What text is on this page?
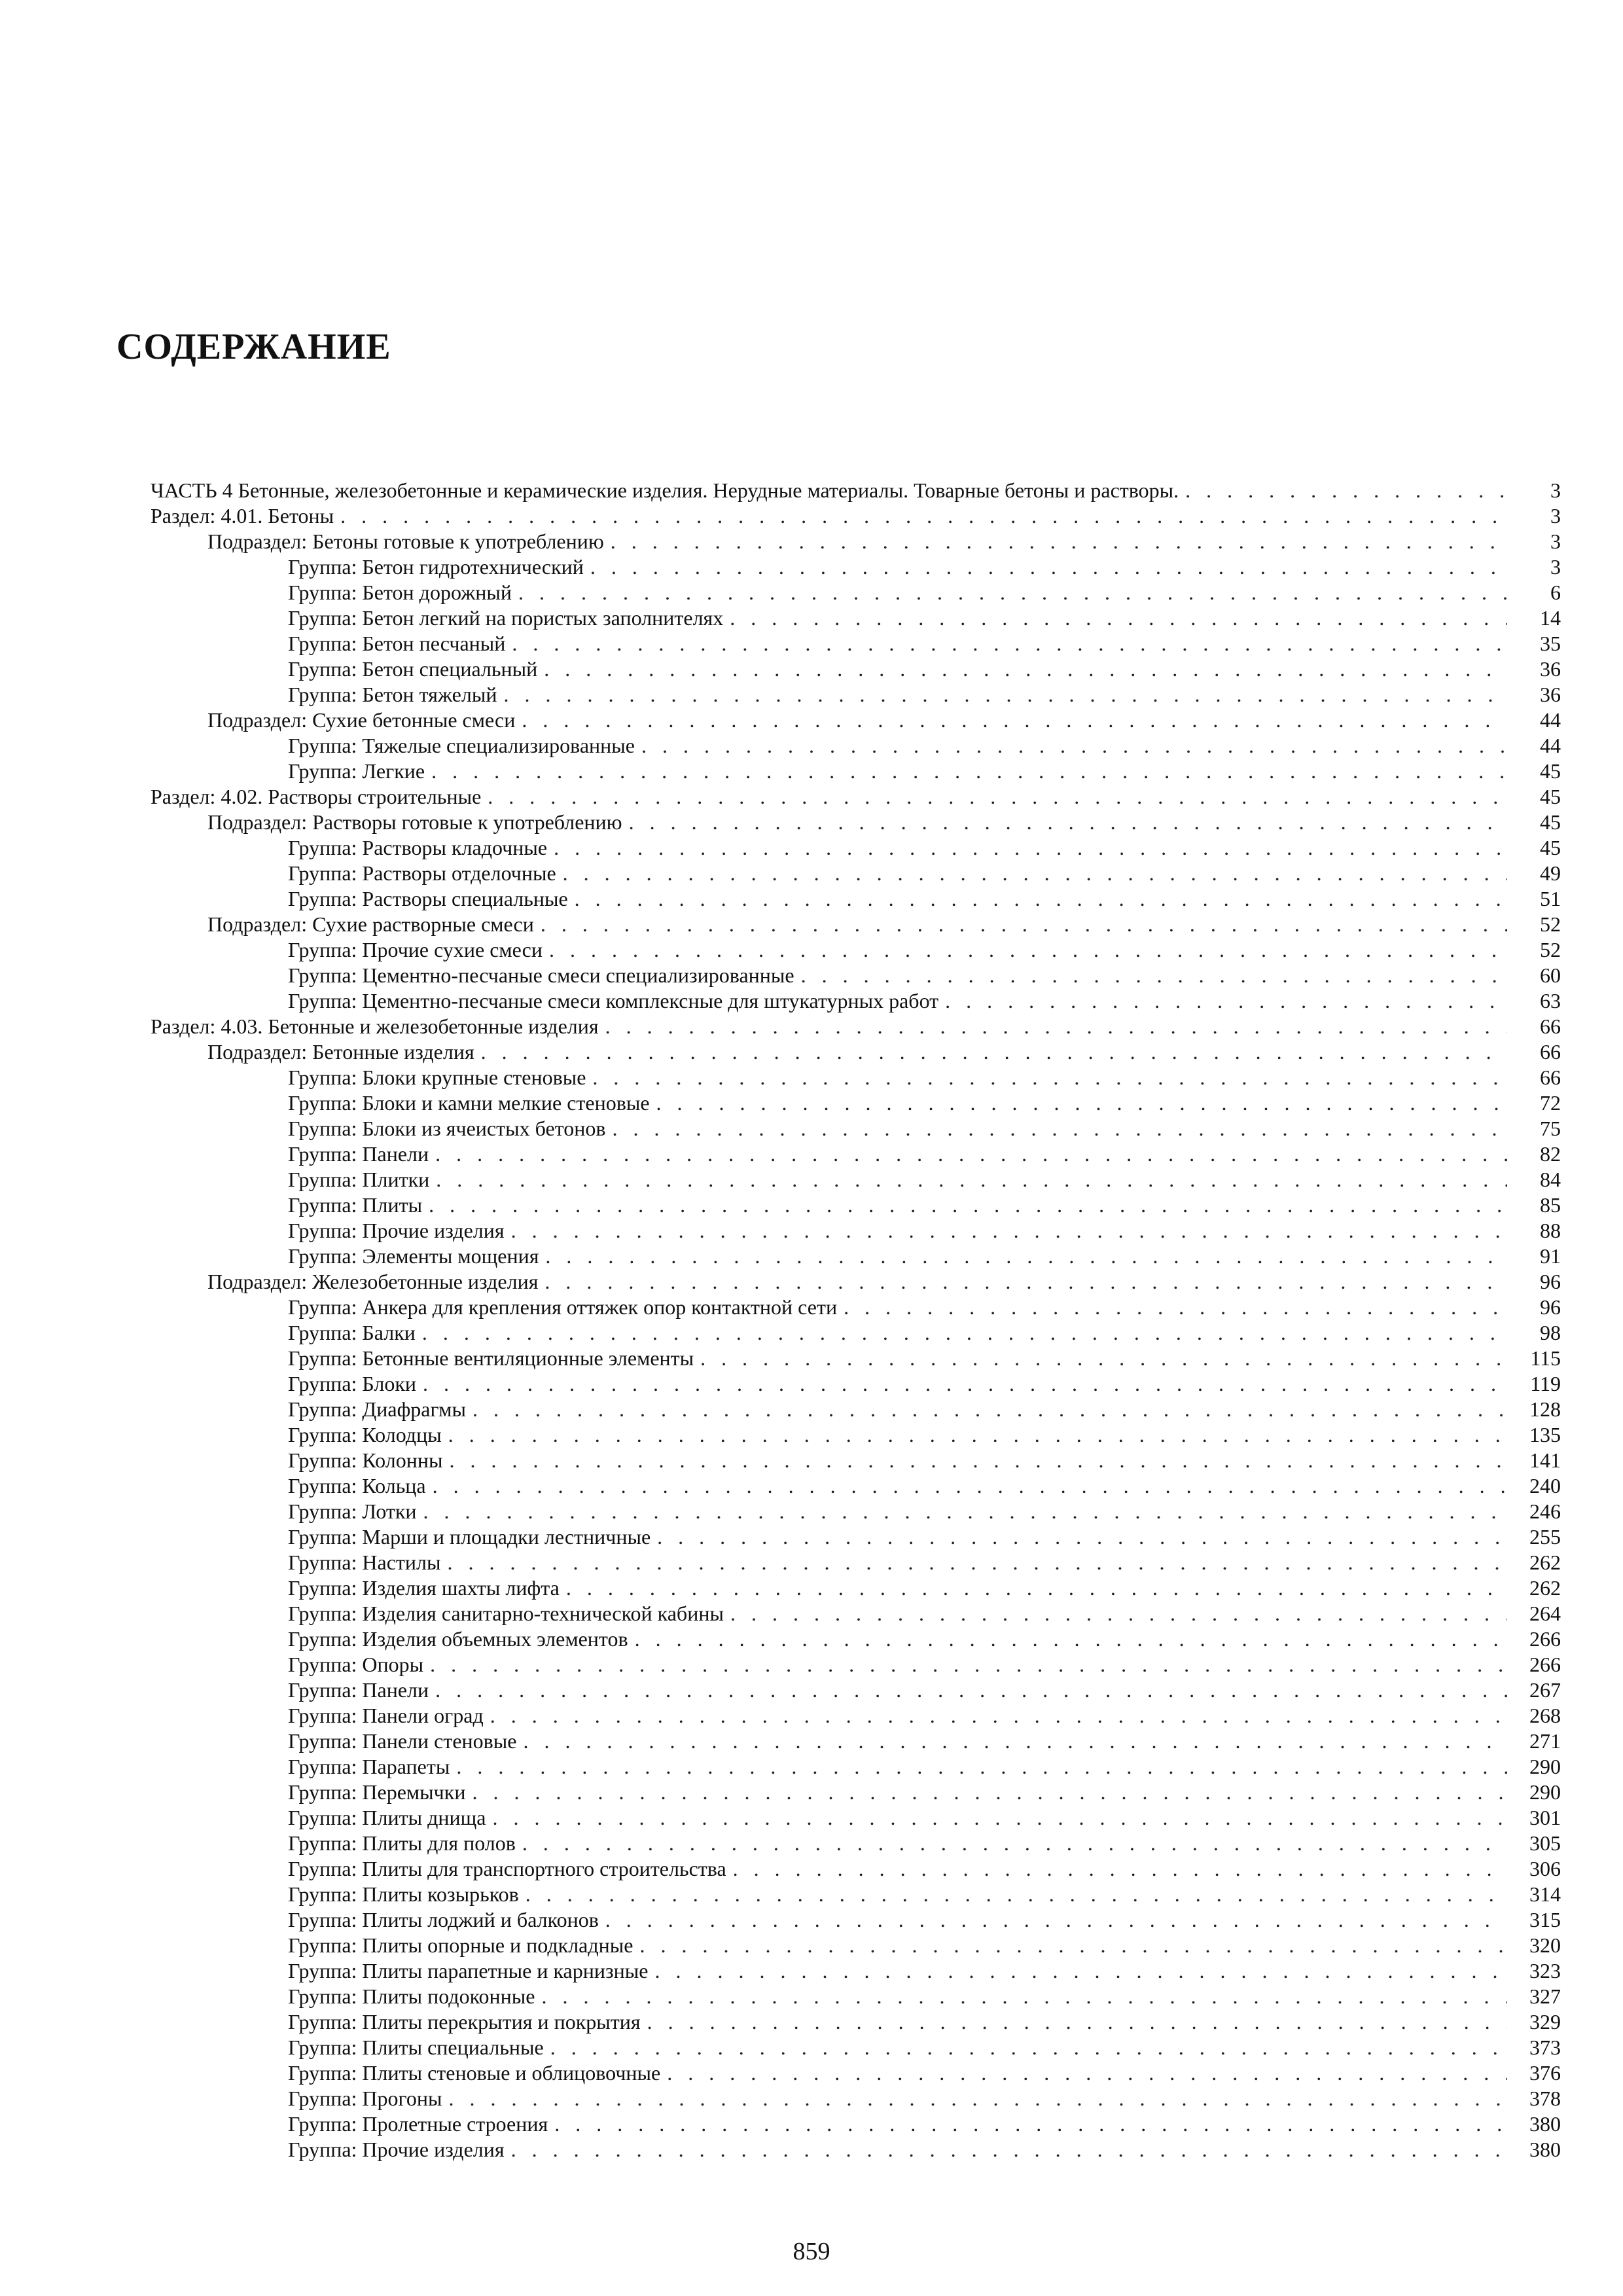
СОДЕРЖАНИЕ
ЧАСТЬ 4 Бетонные, железобетонные и керамические изделия. Нерудные материалы. Товарные бетоны и растворы. . . .	3
Раздел: 4.01. Бетоны . . .	3
Подраздел: Бетоны готовые к употреблению . . .	3
Группа: Бетон гидротехнический . . .	3
Группа: Бетон дорожный . . .	6
Группа: Бетон легкий на пористых заполнителях . . .	14
Группа: Бетон песчаный . . .	35
Группа: Бетон специальный . . .	36
Группа: Бетон тяжелый . . .	36
Подраздел: Сухие бетонные смеси . . .	44
Группа: Тяжелые специализированные . . .	44
Группа: Легкие . . .	45
Раздел: 4.02. Растворы строительные . . .	45
Подраздел: Растворы готовые к употреблению . . .	45
Группа: Растворы кладочные . . .	45
Группа: Растворы отделочные . . .	49
Группа: Растворы специальные . . .	51
Подраздел: Сухие растворные смеси . . .	52
Группа: Прочие сухие смеси . . .	52
Группа: Цементно-песчаные смеси специализированные . . .	60
Группа: Цементно-песчаные смеси комплексные для штукатурных работ . . .	63
Раздел: 4.03. Бетонные и железобетонные изделия . . .	66
Подраздел: Бетонные изделия . . .	66
Группа: Блоки крупные стеновые . . .	66
Группа: Блоки и камни мелкие стеновые . . .	72
Группа: Блоки из ячеистых бетонов . . .	75
Группа: Панели . . .	82
Группа: Плитки . . .	84
Группа: Плиты . . .	85
Группа: Прочие изделия . . .	88
Группа: Элементы мощения . . .	91
Подраздел: Железобетонные изделия . . .	96
Группа: Анкера для крепления оттяжек опор контактной сети . . .	96
Группа: Балки . . .	98
Группа: Бетонные вентиляционные элементы . . .	115
Группа: Блоки . . .	119
Группа: Диафрагмы . . .	128
Группа: Колодцы . . .	135
Группа: Колонны . . .	141
Группа: Кольца . . .	240
Группа: Лотки . . .	246
Группа: Марши и площадки лестничные . . .	255
Группа: Настилы . . .	262
Группа: Изделия шахты лифта . . .	262
Группа: Изделия санитарно-технической кабины . . .	264
Группа: Изделия объемных элементов . . .	266
Группа: Опоры . . .	266
Группа: Панели . . .	267
Группа: Панели оград . . .	268
Группа: Панели стеновые . . .	271
Группа: Парапеты . . .	290
Группа: Перемычки . . .	290
Группа: Плиты днища . . .	301
Группа: Плиты для полов . . .	305
Группа: Плиты для транспортного строительства . . .	306
Группа: Плиты козырьков . . .	314
Группа: Плиты лоджий и балконов . . .	315
Группа: Плиты опорные и подкладные . . .	320
Группа: Плиты парапетные и карнизные . . .	323
Группа: Плиты подоконные . . .	327
Группа: Плиты перекрытия и покрытия . . .	329
Группа: Плиты специальные . . .	373
Группа: Плиты стеновые и облицовочные . . .	376
Группа: Прогоны . . .	378
Группа: Пролетные строения . . .	380
Группа: Прочие изделия . . .	380
859
